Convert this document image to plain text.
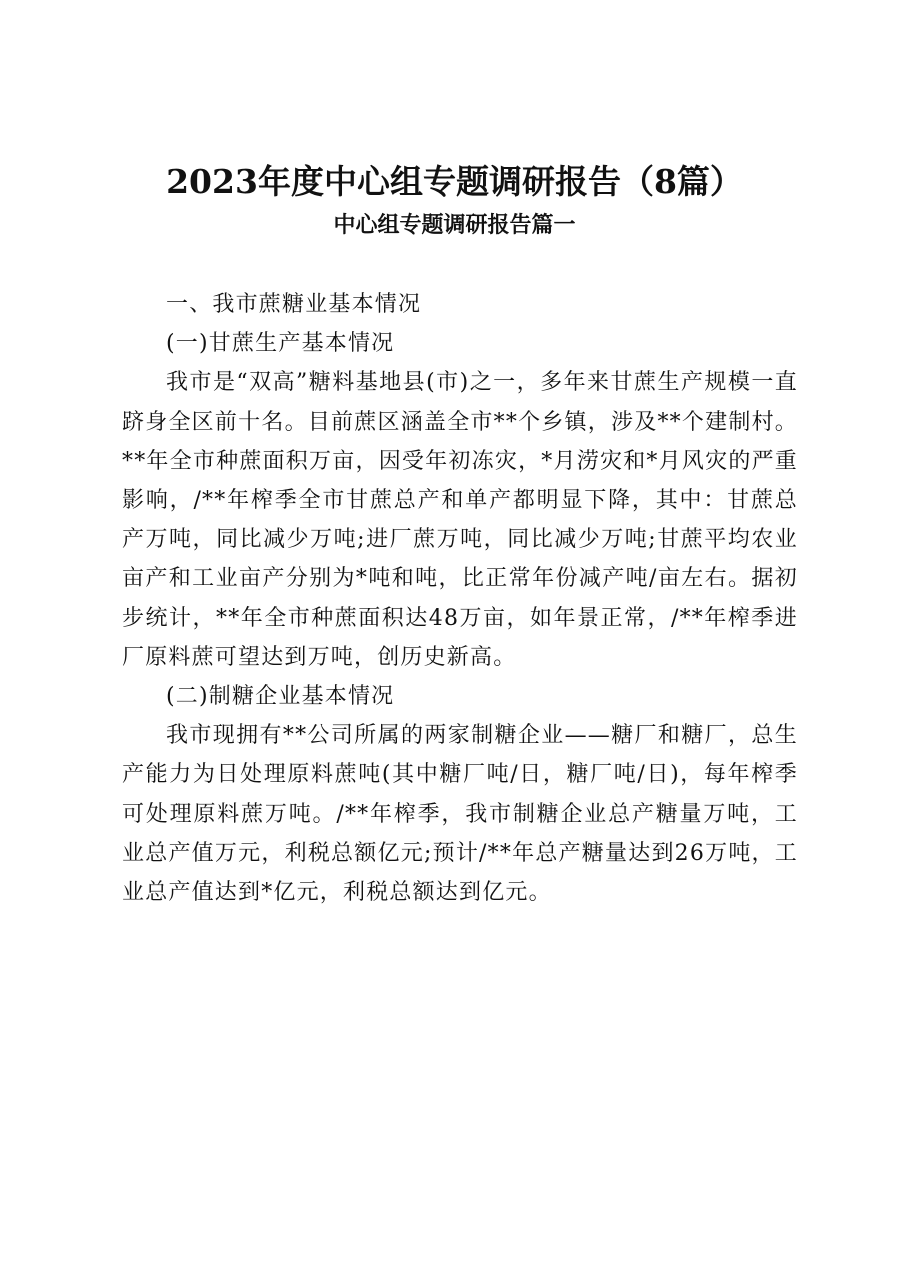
2023年度中心组专题调研报告（8篇）
中心组专题调研报告篇一

一、我市蔗糖业基本情况

(一)甘蔗生产基本情况

我市是“双高”糖料基地县(市)之一，多年来甘蔗生产规模一直跻身全区前十名。目前蔗区涵盖全市**个乡镇，涉及**个建制村。**年全市种蔗面积万亩，因受年初冻灾，*月涝灾和*月风灾的严重影响，/**年榨季全市甘蔗总产和单产都明显下降，其中：甘蔗总产万吨，同比减少万吨;进厂蔗万吨，同比减少万吨;甘蔗平均农业亩产和工业亩产分别为*吨和吨，比正常年份减产吨/亩左右。据初步统计，**年全市种蔗面积达48万亩，如年景正常，/**年榨季进厂原料蔗可望达到万吨，创历史新高。

(二)制糖企业基本情况

我市现拥有**公司所属的两家制糖企业——糖厂和糖厂，总生产能力为日处理原料蔗吨(其中糖厂吨/日，糖厂吨/日)，每年榨季可处理原料蔗万吨。/**年榨季，我市制糖企业总产糖量万吨，工业总产值万元，利税总额亿元;预计/**年总产糖量达到26万吨，工业总产值达到*亿元，利税总额达到亿元。
